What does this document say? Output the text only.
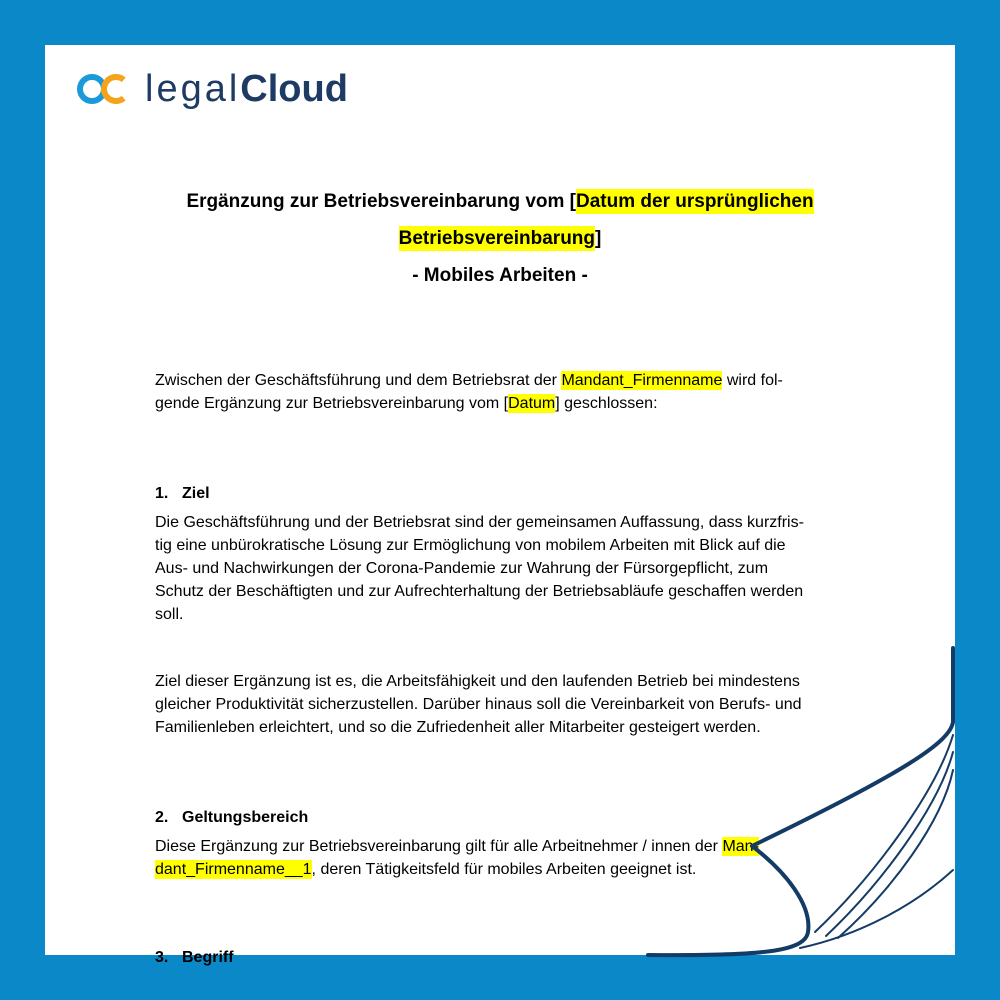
legalCloud
Ergänzung zur Betriebsvereinbarung vom [Datum der ursprünglichen
Betriebsvereinbarung]
- Mobiles Arbeiten -
Zwischen der Geschäftsführung und dem Betriebsrat der Mandant_Firmenname wird fol-
gende Ergänzung zur Betriebsvereinbarung vom [Datum] geschlossen:
1. Ziel
Die Geschäftsführung und der Betriebsrat sind der gemeinsamen Auffassung, dass kurzfris-
tig eine unbürokratische Lösung zur Ermöglichung von mobilem Arbeiten mit Blick auf die
Aus- und Nachwirkungen der Corona-Pandemie zur Wahrung der Fürsorgepflicht, zum
Schutz der Beschäftigten und zur Aufrechterhaltung der Betriebsabläufe geschaffen werden
soll.
Ziel dieser Ergänzung ist es, die Arbeitsfähigkeit und den laufenden Betrieb bei mindestens
gleicher Produktivität sicherzustellen. Darüber hinaus soll die Vereinbarkeit von Berufs- und
Familienleben erleichtert, und so die Zufriedenheit aller Mitarbeiter gesteigert werden.
2. Geltungsbereich
Diese Ergänzung zur Betriebsvereinbarung gilt für alle Arbeitnehmer / innen der Man-
dant_Firmenname__1, deren Tätigkeitsfeld für mobiles Arbeiten geeignet ist.
3. Begriff
